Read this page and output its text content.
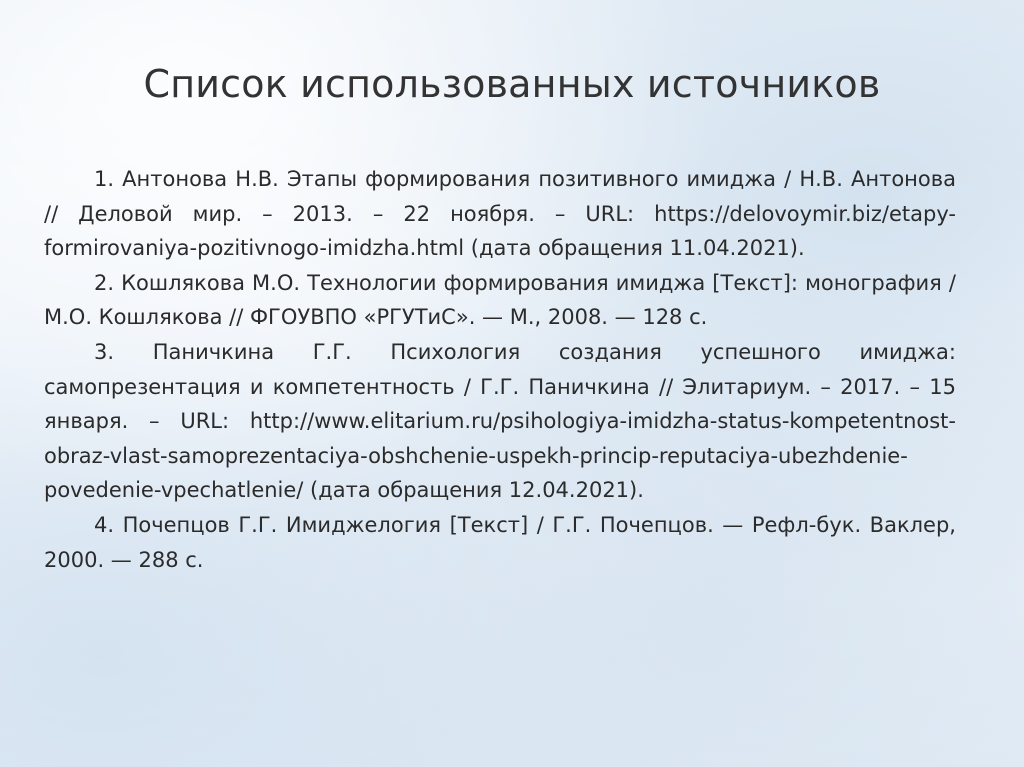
Список использованных источников

1. Антонова Н.В. Этапы формирования позитивного имиджа / Н.В. Антонова // Деловой мир. – 2013. – 22 ноября. – URL: https://delovoymir.biz/etapy-formirovaniya-pozitivnogo-imidzha.html (дата обращения 11.04.2021).

2. Кошлякова М.О. Технологии формирования имиджа [Текст]: монография / М.О. Кошлякова // ФГОУВПО «РГУТиС». — М., 2008. — 128 с.

3. Паничкина Г.Г. Психология создания успешного имиджа: самопрезентация и компетентность / Г.Г. Паничкина // Элитариум. – 2017. – 15 января. – URL: http://www.elitarium.ru/psihologiya-imidzha-status-kompetentnost-obraz-vlast-samoprezentaciya-obshchenie-uspekh-princip-reputaciya-ubezhdenie-povedenie-vpechatlenie/ (дата обращения 12.04.2021).

4. Почепцов Г.Г. Имиджелогия [Текст] / Г.Г. Почепцов. — Рефл-бук. Ваклер, 2000. — 288 с.
